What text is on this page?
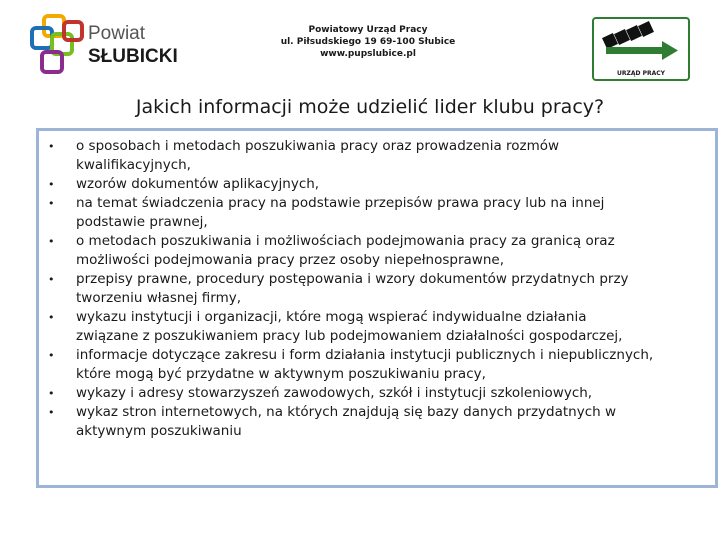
Powiat
SŁUBICKI
Powiatowy Urząd Pracy
ul. Piłsudskiego 19 69-100 Słubice
www.pupslubice.pl
URZĄD PRACY
Jakich informacji może udzielić lider klubu pracy?
• o sposobach i metodach poszukiwania pracy oraz prowadzenia rozmów
kwalifikacyjnych,
• wzorów dokumentów aplikacyjnych,
• na temat świadczenia pracy na podstawie przepisów prawa pracy lub na innej
podstawie prawnej,
• o metodach poszukiwania i możliwościach podejmowania pracy za granicą oraz
możliwości podejmowania pracy przez osoby niepełnosprawne,
• przepisy prawne, procedury postępowania i wzory dokumentów przydatnych przy
tworzeniu własnej firmy,
• wykazu instytucji i organizacji, które mogą wspierać indywidualne działania
związane z poszukiwaniem pracy lub podejmowaniem działalności gospodarczej,
• informacje dotyczące zakresu i form działania instytucji publicznych i niepublicznych,
które mogą być przydatne w aktywnym poszukiwaniu pracy,
• wykazy i adresy stowarzyszeń zawodowych, szkół i instytucji szkoleniowych,
• wykaz stron internetowych, na których znajdują się bazy danych przydatnych w
aktywnym poszukiwaniu
